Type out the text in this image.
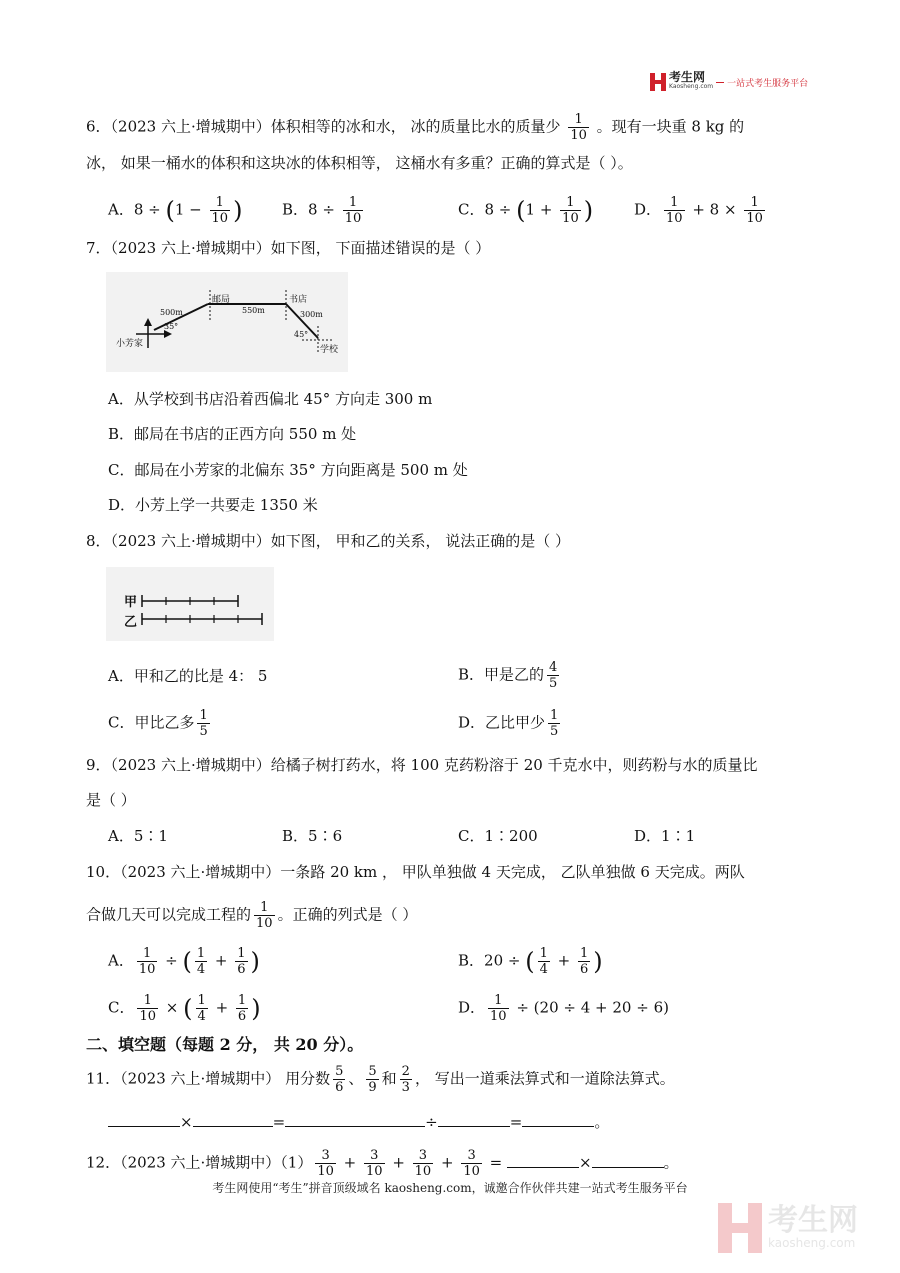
考生网
Kaosheng.com 一站式考生服务平台
6．（2023 六上·增城期中）体积相等的冰和水， 冰的质量比水的质量少 $\frac{1}{10}$ 。现有一块重 8 kg 的
冰， 如果一桶水的体积和这块冰的体积相等， 这桶水有多重？正确的算式是（ ）。
A．$8 \div (1 - \frac{1}{10}$ )	B．$8 \div \frac{1}{10}$	C．$8 \div (1 + \frac{1}{10}$ )	D． $\frac{1}{10} + 8 \times \frac{1}{10}$
7．（2023 六上·增城期中）如下图， 下面描述错误的是（ ）
邮局	书店
小芳家
学校
500m	550m	300m
35°
45°
A．从学校到书店沿着西偏北 45° 方向走 300 m
B．邮局在书店的正西方向 550 m 处
C．邮局在小芳家的北偏东 35° 方向距离是 500 m 处
D．小芳上学一共要走 1350 米
8．（2023 六上·增城期中）如下图， 甲和乙的关系， 说法正确的是（ ）
甲
乙
A．甲和乙的比是 4： 5	B．甲是乙的 $\frac{4}{5}$
C．甲比乙多 $\frac{1}{5}$	D．乙比甲少 $\frac{1}{5}$
9．（2023 六上·增城期中）给橘子树打药水，将 100 克药粉溶于 20 千克水中，则药粉与水的质量比
是（ ）
A．5∶1	B．5∶6	C．1∶200	D．1∶1
10．（2023 六上·增城期中）一条路 20 km ， 甲队单独做 4 天完成， 乙队单独做 6 天完成。两队
合做几天可以完成工程的 $\frac{1}{10}$ 。正确的列式是（ ）
A． $\frac{1}{10}$ ÷ ( $\frac{1}{4} + \frac{1}{6}$ )	B．20 ÷ ( $\frac{1}{4} + \frac{1}{6}$ )
C． $\frac{1}{10}$ × ( $\frac{1}{4} + \frac{1}{6}$ )	D． $\frac{1}{10} \div (20 \div 4 + 20 \div 6)$
二、填空题（每题 2 分， 共 20 分）。
11．（2023 六上·增城期中） 用分数 $\frac{5}{6}$ 、 $\frac{5}{9}$ 和 $\frac{2}{3}$ ， 写出一道乘法算式和一道除法算式。
×	=	÷	=	。
12．（2023 六上·增城期中）$(1) \frac{3}{10} + \frac{3}{10} + \frac{3}{10} + \frac{3}{10}$ =	×	。
考生网使用“考生”拼音顶级域名 kaosheng.com，诚邀合作伙伴共建一站式考生服务平台
考生网
kaosheng.com
